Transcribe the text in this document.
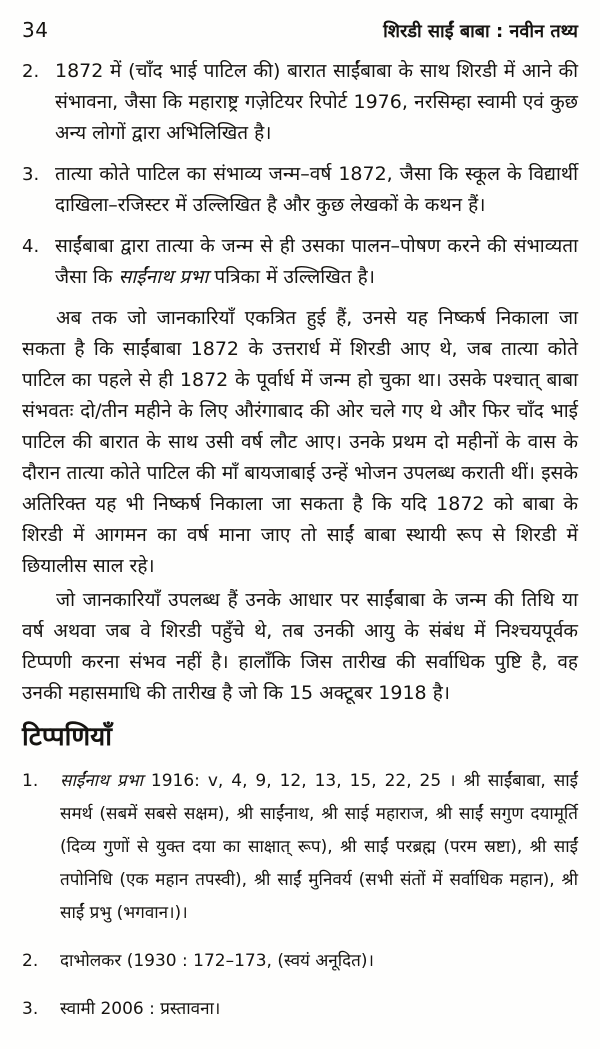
34	शिरडी साईं बाबा : नवीन तथ्य
2. 1872 में (चाँद भाई पाटिल की) बारात साईंबाबा के साथ शिरडी में आने की संभावना, जैसा कि महाराष्ट्र गज़ेटियर रिपोर्ट 1976, नरसिम्हा स्वामी एवं कुछ अन्य लोगों द्वारा अभिलिखित है।
3. तात्या कोते पाटिल का संभाव्य जन्म–वर्ष 1872, जैसा कि स्कूल के विद्यार्थी दाखिला–रजिस्टर में उल्लिखित है और कुछ लेखकों के कथन हैं।
4. साईंबाबा द्वारा तात्या के जन्म से ही उसका पालन–पोषण करने की संभाव्यता जैसा कि साईंनाथ प्रभा पत्रिका में उल्लिखित है।

अब तक जो जानकारियाँ एकत्रित हुई हैं, उनसे यह निष्कर्ष निकाला जा सकता है कि साईंबाबा 1872 के उत्तरार्ध में शिरडी आए थे, जब तात्या कोते पाटिल का पहले से ही 1872 के पूर्वार्ध में जन्म हो चुका था। उसके पश्चात् बाबा संभवतः दो/तीन महीने के लिए औरंगाबाद की ओर चले गए थे और फिर चाँद भाई पाटिल की बारात के साथ उसी वर्ष लौट आए। उनके प्रथम दो महीनों के वास के दौरान तात्या कोते पाटिल की माँ बायजाबाई उन्हें भोजन उपलब्ध कराती थीं। इसके अतिरिक्त यह भी निष्कर्ष निकाला जा सकता है कि यदि 1872 को बाबा के शिरडी में आगमन का वर्ष माना जाए तो साईं बाबा स्थायी रूप से शिरडी में छियालीस साल रहे।

जो जानकारियाँ उपलब्ध हैं उनके आधार पर साईंबाबा के जन्म की तिथि या वर्ष अथवा जब वे शिरडी पहुँचे थे, तब उनकी आयु के संबंध में निश्चयपूर्वक टिप्पणी करना संभव नहीं है। हालाँकि जिस तारीख की सर्वाधिक पुष्टि है, वह उनकी महासमाधि की तारीख है जो कि 15 अक्टूबर 1918 है।

टिप्पणियाँ
1.	साईंनाथ प्रभा 1916: v, 4, 9, 12, 13, 15, 22, 25 । श्री साईंबाबा, साईं समर्थ (सबमें सबसे सक्षम), श्री साईंनाथ, श्री साई महाराज, श्री साईं सगुण दयामूर्ति (दिव्य गुणों से युक्त दया का साक्षात् रूप), श्री साईं परब्रह्म (परम स्रष्टा), श्री साईं तपोनिधि (एक महान तपस्वी), श्री साईं मुनिवर्य (सभी संतों में सर्वाधिक महान), श्री साईं प्रभु (भगवान।)।
2.	दाभोलकर (1930 : 172–173, (स्वयं अनूदित)।
3.	स्वामी 2006 : प्रस्तावना।
